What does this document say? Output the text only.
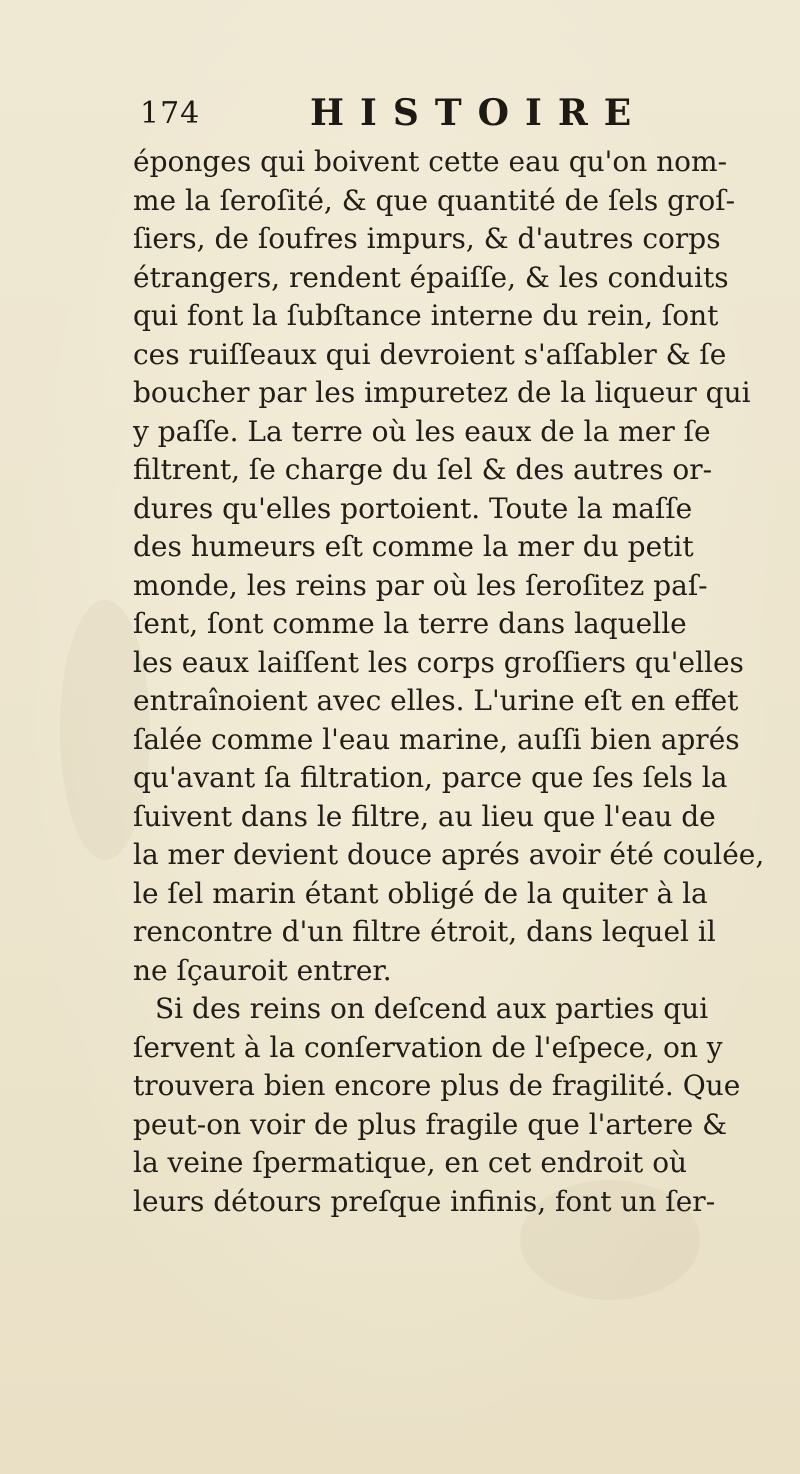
174	HISTOIRE
éponges qui boivent cette eau qu'on nom-
me la ſeroſité, & que quantité de ſels groſ-
ſiers, de ſoufres impurs, & d'autres corps
étrangers, rendent épaiſſe, & les conduits
qui font la ſubſtance interne du rein, ſont
ces ruiſſeaux qui devroient s'aſſabler & ſe
boucher par les impuretez de la liqueur qui
y paſſe. La terre où les eaux de la mer ſe
filtrent, ſe charge du ſel & des autres or-
dures qu'elles portoient. Toute la maſſe
des humeurs eſt comme la mer du petit
monde, les reins par où les ſeroſitez paſ-
ſent, ſont comme la terre dans laquelle
les eaux laiſſent les corps groſſiers qu'elles
entraînoient avec elles. L'urine eſt en effet
ſalée comme l'eau marine, auſſi bien aprés
qu'avant ſa filtration, parce que ſes ſels la
ſuivent dans le filtre, au lieu que l'eau de
la mer devient douce aprés avoir été coulée,
le ſel marin étant obligé de la quiter à la
rencontre d'un filtre étroit, dans lequel il
ne ſçauroit entrer.
Si des reins on deſcend aux parties qui
ſervent à la conſervation de l'eſpece, on y
trouvera bien encore plus de fragilité. Que
peut-on voir de plus fragile que l'artere &
la veine ſpermatique, en cet endroit où
leurs détours preſque infinis, font un ſer-
